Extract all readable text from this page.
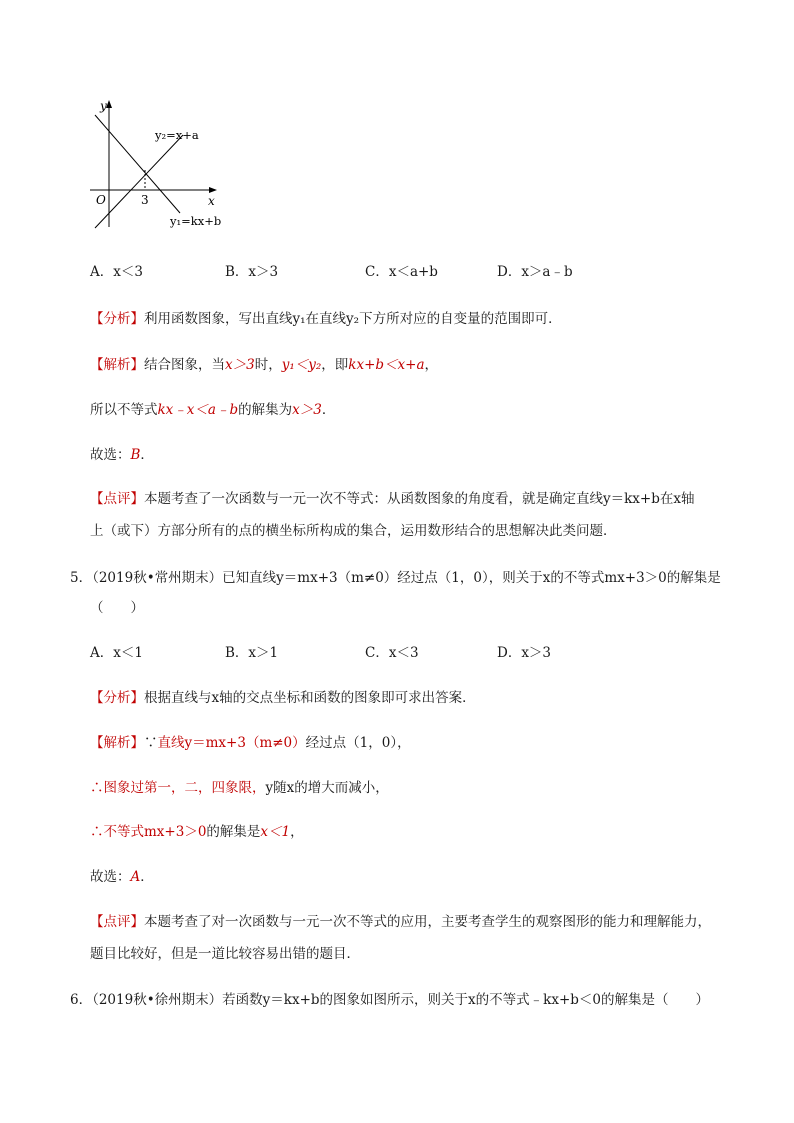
y
x
O	3
y₂=x+a
y₁=kx+b
A．x＜3	B．x＞3	C．x＜a+b	D．x＞a﹣b
【分析】利用函数图象，写出直线y₁在直线y₂下方所对应的自变量的范围即可．
【解析】结合图象，当x＞3时，y₁＜y₂，即kx+b＜x+a，
所以不等式kx﹣x＜a﹣b的解集为x＞3．
故选：B．
【点评】本题考查了一次函数与一元一次不等式：从函数图象的角度看，就是确定直线y＝kx+b在x轴
上（或下）方部分所有的点的横坐标所构成的集合，运用数形结合的思想解决此类问题．
5．（2019秋•常州期末）已知直线y＝mx+3（m≠0）经过点（1，0），则关于x的不等式mx+3＞0的解集是
（　　）
A．x＜1	B．x＞1	C．x＜3	D．x＞3
【分析】根据直线与x轴的交点坐标和函数的图象即可求出答案．
【解析】∵直线y＝mx+3（m≠0）经过点（1，0），
∴图象过第一，二，四象限，y随x的增大而减小，
∴不等式mx+3＞0的解集是x＜1，
故选：A．
【点评】本题考查了对一次函数与一元一次不等式的应用，主要考查学生的观察图形的能力和理解能力，
题目比较好，但是一道比较容易出错的题目．
6．（2019秋•徐州期末）若函数y＝kx+b的图象如图所示，则关于x的不等式﹣kx+b＜0的解集是（　　）
